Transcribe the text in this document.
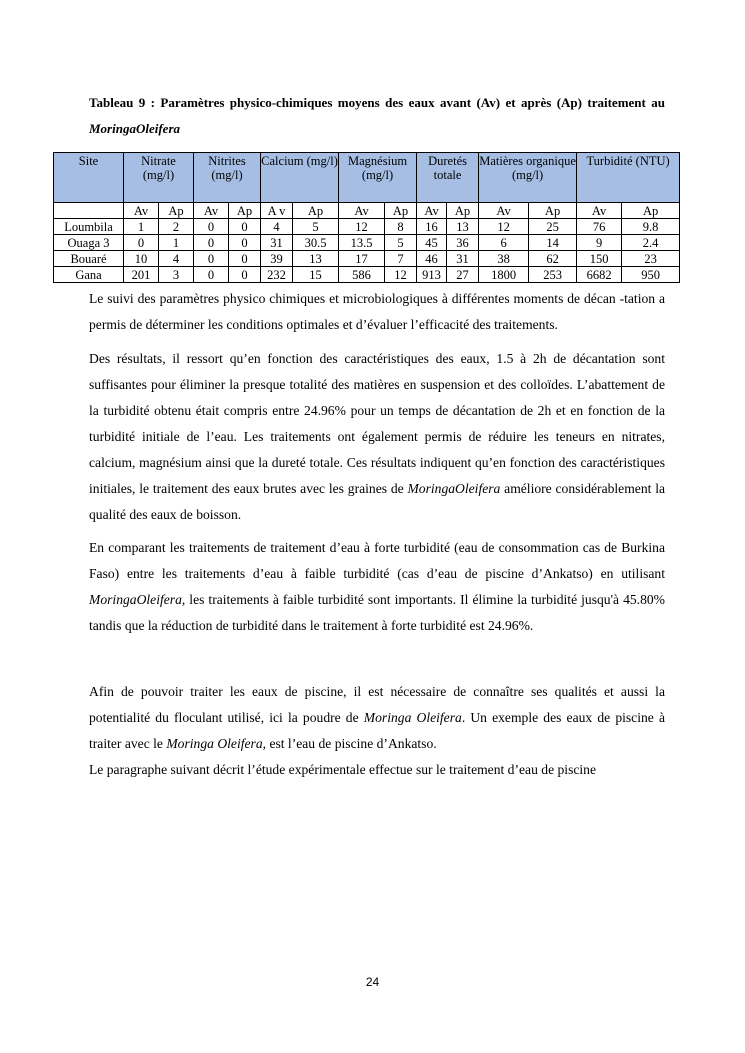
Tableau 9 : Paramètres physico-chimiques moyens des eaux avant (Av) et après (Ap) traitement au MoringaOleifera
Site	Nitrate (mg/l)		Nitrites (mg/l)		Calcium (mg/l)		Magnésium (mg/l)		Duretés totale		Matières organique (mg/l)		Turbidité (NTU)	
	Av	Ap	Av	Ap	A v	Ap	Av	Ap	Av	Ap	Av	Ap	Av	Ap
Loumbila	1	2	0	0	4	5	12	8	16	13	12	25	76	9.8
Ouaga 3	0	1	0	0	31	30.5	13.5	5	45	36	6	14	9	2.4
Bouaré	10	4	0	0	39	13	17	7	46	31	38	62	150	23
Gana	201	3	0	0	232	15	586	12	913	27	1800	253	6682	950

Le suivi des paramètres physico chimiques et microbiologiques à différentes moments de décan -tation a permis de déterminer les conditions optimales et d’évaluer l’efficacité des traitements.

Des résultats, il ressort qu’en fonction des caractéristiques des eaux, 1.5 à 2h de décantation sont suffisantes pour éliminer la presque totalité des matières en suspension et des colloïdes. L’abattement de la turbidité obtenu était compris entre 24.96% pour un temps de décantation de 2h et en fonction de la turbidité initiale de l’eau. Les traitements ont également permis de réduire les teneurs en nitrates, calcium, magnésium ainsi que la dureté totale. Ces résultats indiquent qu’en fonction des caractéristiques initiales, le traitement des eaux brutes avec les graines de MoringaOleifera améliore considérablement la qualité des eaux de boisson.

En comparant les traitements de traitement d’eau à forte turbidité (eau de consommation cas de Burkina Faso) entre les traitements d’eau à faible turbidité (cas d’eau de piscine d’Ankatso) en utilisant MoringaOleifera, les traitements à faible turbidité sont importants. Il élimine la turbidité jusqu'à 45.80% tandis que la réduction de turbidité dans le traitement à forte turbidité est 24.96%.

Afin de pouvoir traiter les eaux de piscine, il est nécessaire de connaître ses qualités et aussi la potentialité du floculant utilisé, ici la poudre de Moringa Oleifera. Un exemple des eaux de piscine à traiter avec le Moringa Oleifera, est l’eau de piscine d’Ankatso.

Le paragraphe suivant décrit l’étude expérimentale effectue sur le traitement d’eau de piscine

24
